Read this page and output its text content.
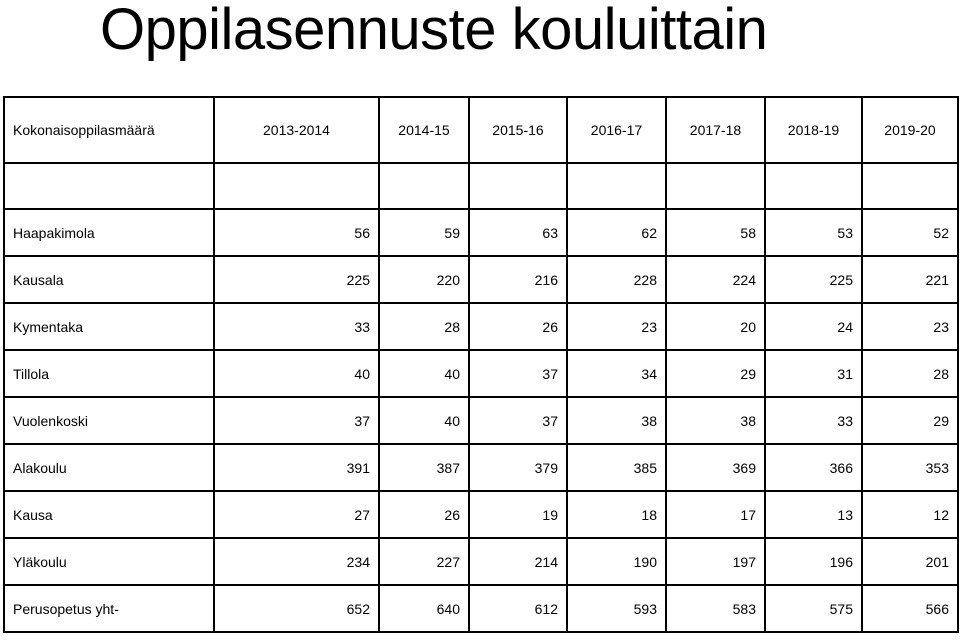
Oppilasennuste kouluittain
Kokonaisoppilasmäärä	2013-2014	2014-15	2015-16	2016-17	2017-18	2018-19	2019-20

Haapakimola	56	59	63	62	58	53	52
Kausala	225	220	216	228	224	225	221
Kymentaka	33	28	26	23	20	24	23
Tillola	40	40	37	34	29	31	28
Vuolenkoski	37	40	37	38	38	33	29
Alakoulu	391	387	379	385	369	366	353
Kausa	27	26	19	18	17	13	12
Yläkoulu	234	227	214	190	197	196	201
Perusopetus yht-	652	640	612	593	583	575	566
